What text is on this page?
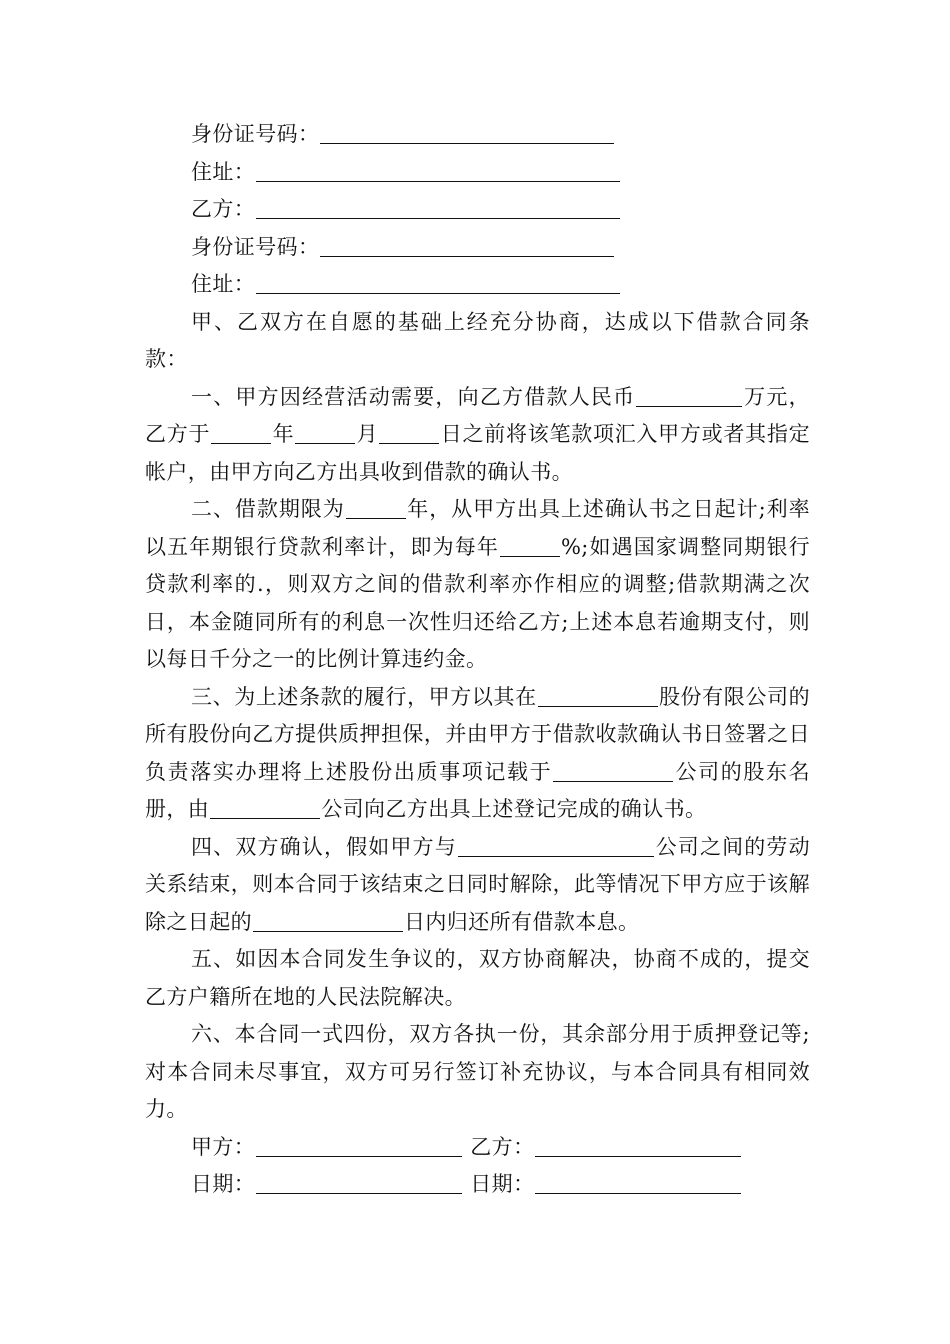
身份证号码：

住址：

乙方：

身份证号码：

住址：

甲、乙双方在自愿的基础上经充分协商，达成以下借款合同条款：

一、甲方因经营活动需要，向乙方借款人民币	万元，乙方于	年	月	日之前将该笔款项汇入甲方或者其指定帐户，由甲方向乙方出具收到借款的确认书。

二、借款期限为	年，从甲方出具上述确认书之日起计;利率以五年期银行贷款利率计，即为每年	%;如遇国家调整同期银行贷款利率的.，则双方之间的借款利率亦作相应的调整;借款期满之次日，本金随同所有的利息一次性归还给乙方;上述本息若逾期支付，则以每日千分之一的比例计算违约金。

三、为上述条款的履行，甲方以其在	股份有限公司的所有股份向乙方提供质押担保，并由甲方于借款收款确认书日签署之日负责落实办理将上述股份出质事项记载于	公司的股东名册，由	公司向乙方出具上述登记完成的确认书。

四、双方确认，假如甲方与	公司之间的劳动关系结束，则本合同于该结束之日同时解除，此等情况下甲方应于该解除之日起的	日内归还所有借款本息。

五、如因本合同发生争议的，双方协商解决，协商不成的，提交乙方户籍所在地的人民法院解决。

六、本合同一式四份，双方各执一份，其余部分用于质押登记等;对本合同未尽事宜，双方可另行签订补充协议，与本合同具有相同效力。

甲方：	乙方：

日期：	日期：
